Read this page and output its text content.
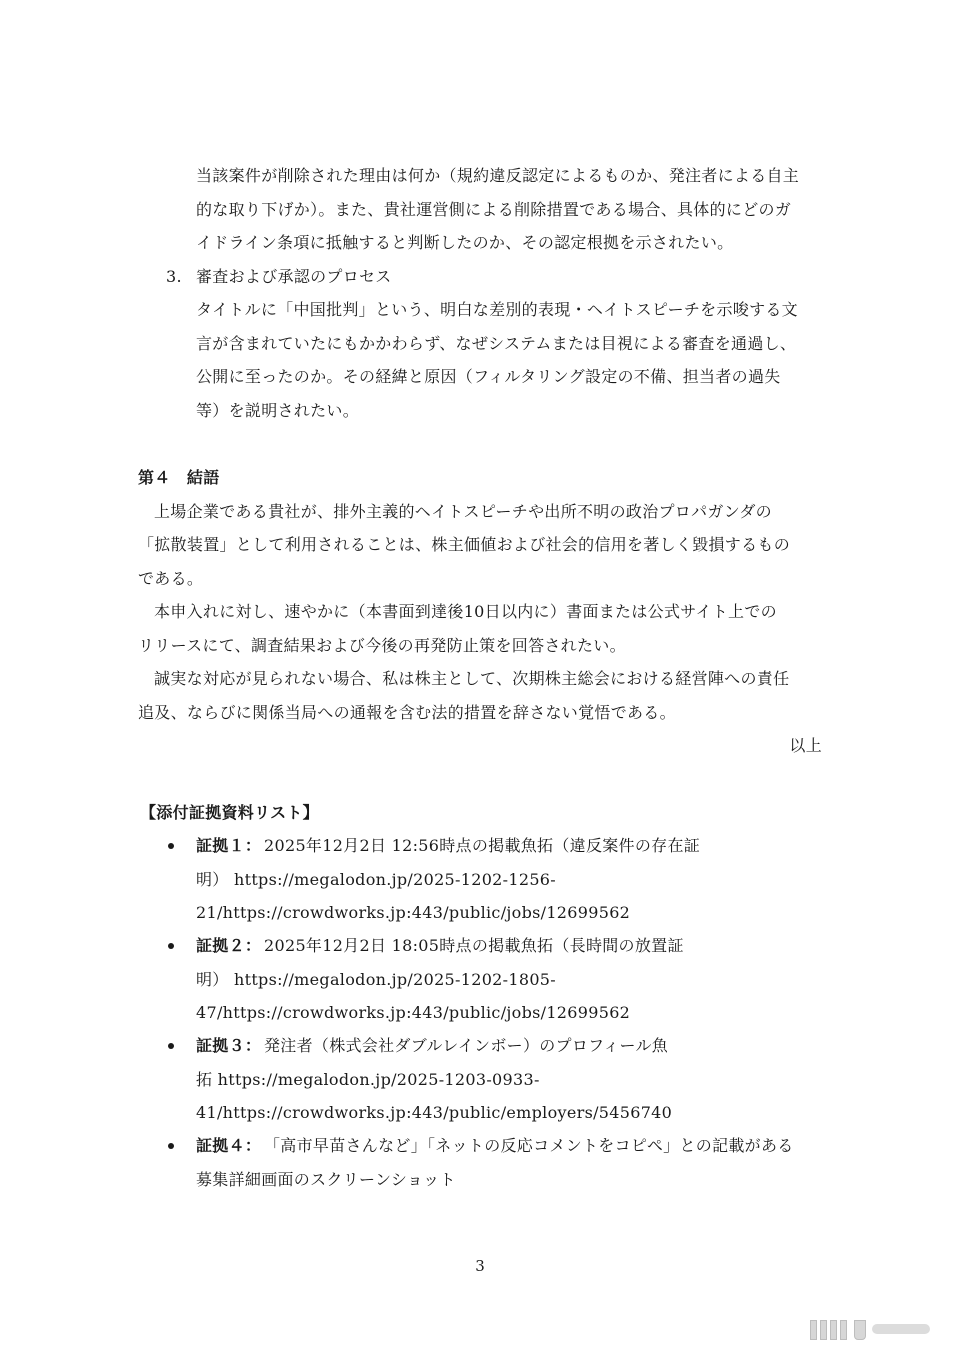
当該案件が削除された理由は何か（規約違反認定によるものか、発注者による自主
的な取り下げか）。また、貴社運営側による削除措置である場合、具体的にどのガ
イドライン条項に抵触すると判断したのか、その認定根拠を示されたい。
3. 審査および承認のプロセス
タイトルに「中国批判」という、明白な差別的表現・ヘイトスピーチを示唆する文
言が含まれていたにもかかわらず、なぜシステムまたは目視による審査を通過し、
公開に至ったのか。その経緯と原因（フィルタリング設定の不備、担当者の過失
等）を説明されたい。
第４　結語
上場企業である貴社が、排外主義的ヘイトスピーチや出所不明の政治プロパガンダの
「拡散装置」として利用されることは、株主価値および社会的信用を著しく毀損するもの
である。
本申入れに対し、速やかに（本書面到達後10日以内に）書面または公式サイト上での
リリースにて、調査結果および今後の再発防止策を回答されたい。
誠実な対応が見られない場合、私は株主として、次期株主総会における経営陣への責任
追及、ならびに関係当局への通報を含む法的措置を辞さない覚悟である。
以上
【添付証拠資料リスト】
証拠１： 2025年12月2日 12:56時点の掲載魚拓（違反案件の存在証
明） https://megalodon.jp/2025-1202-1256-
21/https://crowdworks.jp:443/public/jobs/12699562
証拠２： 2025年12月2日 18:05時点の掲載魚拓（長時間の放置証
明） https://megalodon.jp/2025-1202-1805-
47/https://crowdworks.jp:443/public/jobs/12699562
証拠３： 発注者（株式会社ダブルレインボー）のプロフィール魚
拓 https://megalodon.jp/2025-1203-0933-
41/https://crowdworks.jp:443/public/employers/5456740
証拠４： 「高市早苗さんなど」「ネットの反応コメントをコピペ」との記載がある
募集詳細画面のスクリーンショット
3
